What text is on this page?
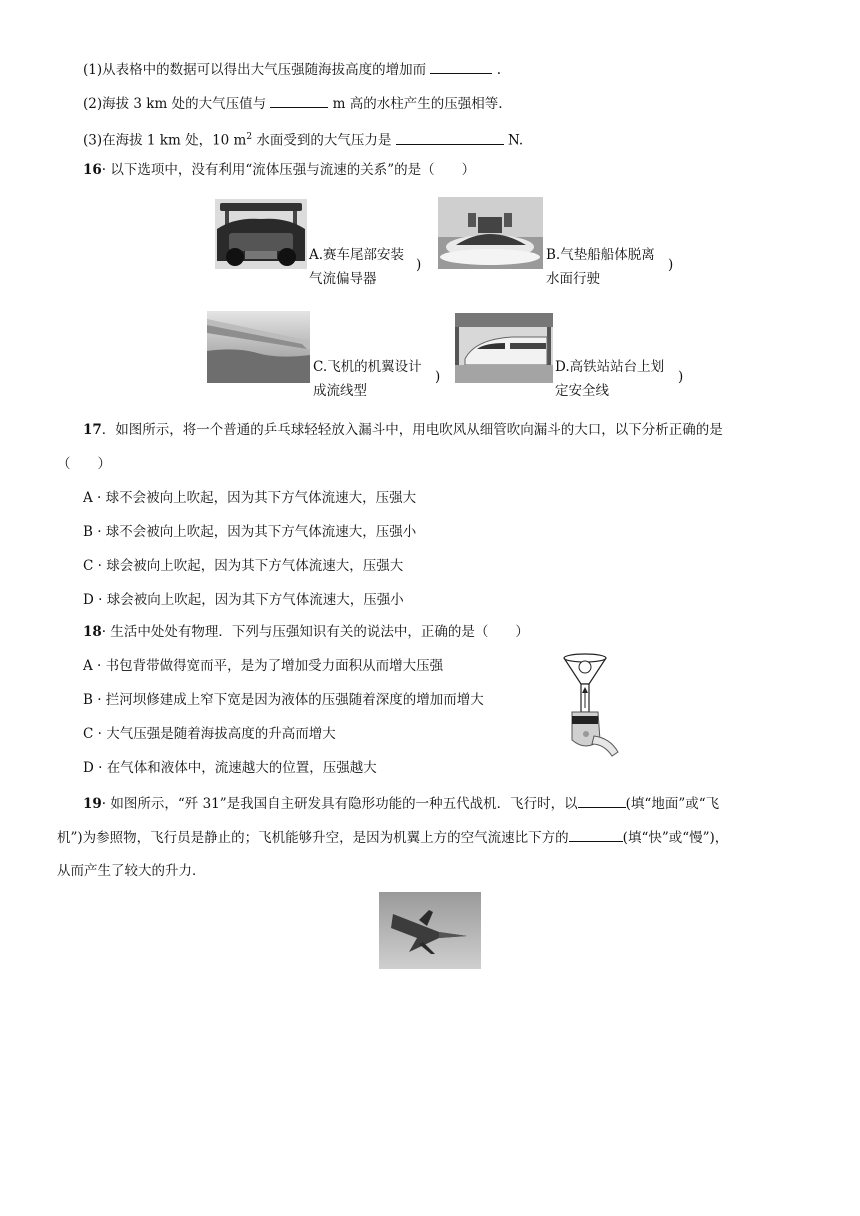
(1)从表格中的数据可以得出大气压强随海拔高度的增加而	.
(2)海拔 3 km 处的大气压值与	m 高的水柱产生的压强相等.
(3)在海拔 1 km 处，10 $m^2$ 水面受到的大气压力是	N.
16· 以下选项中，没有利用“流体压强与流速的关系”的是（　　）
A.赛车尾部安装
气流偏导器
)
B.气垫船船体脱离
水面行驶
)
C.飞机的机翼设计
成流线型
)
D.高铁站站台上划
定安全线
)
17．如图所示，将一个普通的乒乓球轻轻放入漏斗中，用电吹风从细管吹向漏斗的大口，以下分析正确的是
（　　）
A · 球不会被向上吹起，因为其下方气体流速大，压强大
B · 球不会被向上吹起，因为其下方气体流速大，压强小
C · 球会被向上吹起，因为其下方气体流速大，压强大
D · 球会被向上吹起，因为其下方气体流速大，压强小
18· 生活中处处有物理．下列与压强知识有关的说法中，正确的是（　　）
A · 书包背带做得宽而平，是为了增加受力面积从而增大压强
B · 拦河坝修建成上窄下宽是因为液体的压强随着深度的增加而增大
C · 大气压强是随着海拔高度的升高而增大
D · 在气体和液体中，流速越大的位置，压强越大
19· 如图所示，“歼 31”是我国自主研发具有隐形功能的一种五代战机．飞行时，以	(填“地面”或“飞
机”)为参照物，飞行员是静止的；飞机能够升空，是因为机翼上方的空气流速比下方的	(填“快”或“慢”)，
从而产生了较大的升力．
